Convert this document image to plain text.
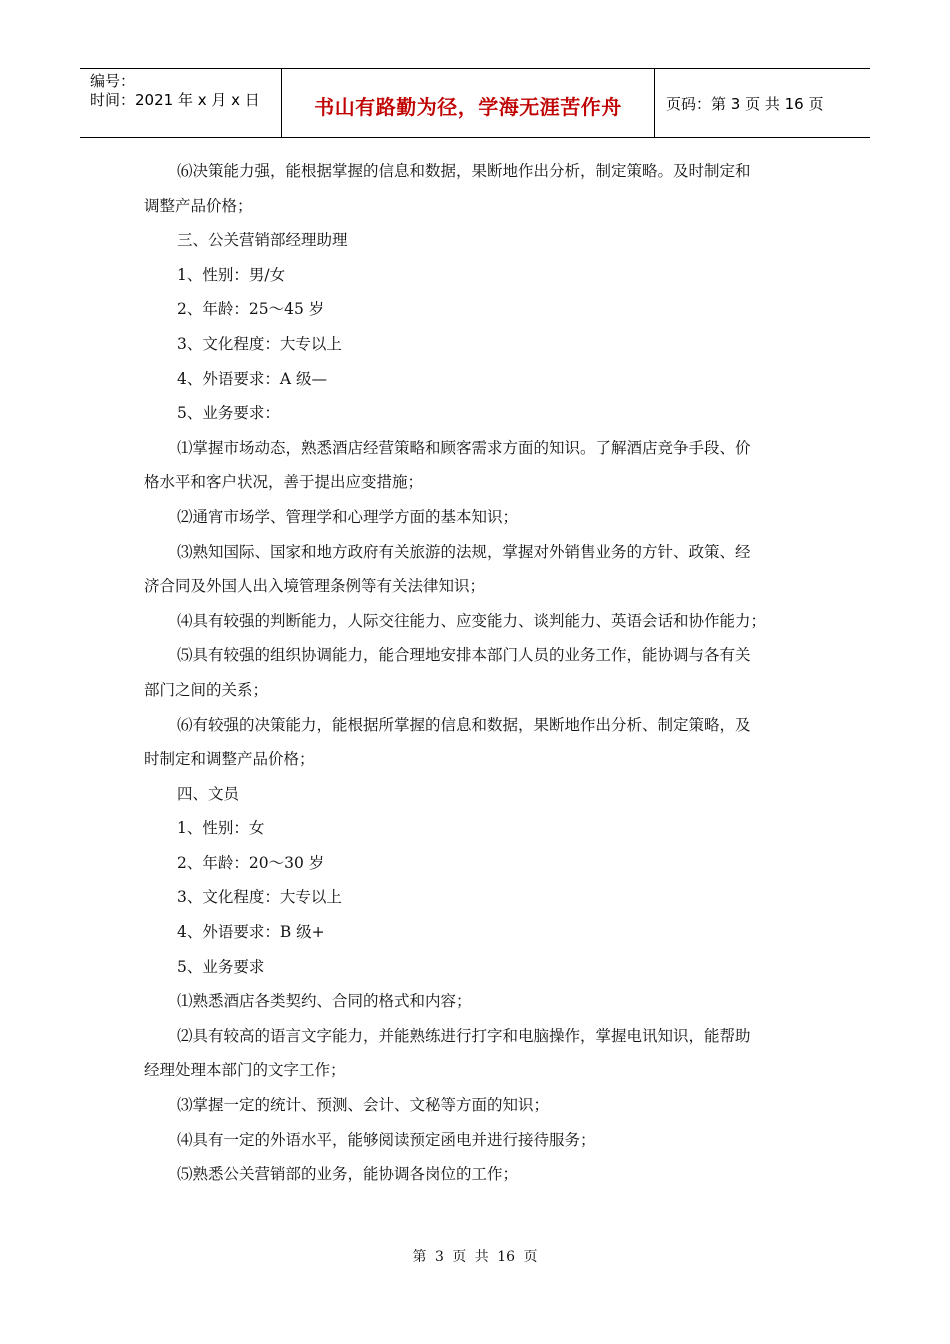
编号：
时间：2021 年 x 月 x 日	书山有路勤为径，学海无涯苦作舟	页码：第 3 页 共 16 页
⑹决策能力强，能根据掌握的信息和数据，果断地作出分析，制定策略。及时制定和
调整产品价格；
三、公关营销部经理助理
1、性别：男/女
2、年龄：25～45 岁
3、文化程度：大专以上
4、外语要求：A 级—
5、业务要求：
⑴掌握市场动态，熟悉酒店经营策略和顾客需求方面的知识。了解酒店竞争手段、价
格水平和客户状况，善于提出应变措施；
⑵通宵市场学、管理学和心理学方面的基本知识；
⑶熟知国际、国家和地方政府有关旅游的法规，掌握对外销售业务的方针、政策、经
济合同及外国人出入境管理条例等有关法律知识；
⑷具有较强的判断能力，人际交往能力、应变能力、谈判能力、英语会话和协作能力；
⑸具有较强的组织协调能力，能合理地安排本部门人员的业务工作，能协调与各有关
部门之间的关系；
⑹有较强的决策能力，能根据所掌握的信息和数据，果断地作出分析、制定策略，及
时制定和调整产品价格；
四、文员
1、性别：女
2、年龄：20～30 岁
3、文化程度：大专以上
4、外语要求：B 级+
5、业务要求
⑴熟悉酒店各类契约、合同的格式和内容；
⑵具有较高的语言文字能力，并能熟练进行打字和电脑操作，掌握电讯知识，能帮助
经理处理本部门的文字工作；
⑶掌握一定的统计、预测、会计、文秘等方面的知识；
⑷具有一定的外语水平，能够阅读预定函电并进行接待服务；
⑸熟悉公关营销部的业务，能协调各岗位的工作；
第 3 页 共 16 页
